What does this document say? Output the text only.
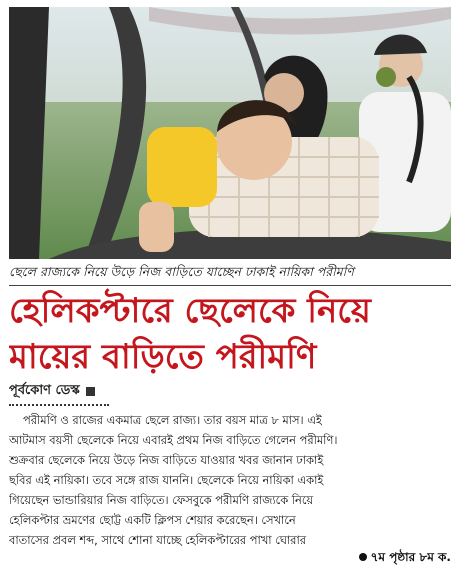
ছেলে রাজ্যকে নিয়ে উড়ে নিজ বাড়িতে যাচ্ছেন ঢাকাই নায়িকা পরীমণি
হেলিকপ্টারে ছেলেকে নিয়ে
মায়ের বাড়িতে পরীমণি
পূর্বকোণ ডেস্ক
পরীমণি ও রাজের একমাত্র ছেলে রাজ্য। তার বয়স মাত্র ৮ মাস। এই
আটমাস বয়সী ছেলেকে নিয়ে এবারই প্রথম নিজ বাড়িতে গেলেন পরীমণি।
শুক্রবার ছেলেকে নিয়ে উড়ে নিজ বাড়িতে যাওয়ার খবর জানান ঢাকাই
ছবির এই নায়িকা। তবে সঙ্গে রাজ যাননি। ছেলেকে নিয়ে নায়িকা একাই
গিয়েছেন ভান্ডারিয়ার নিজ বাড়িতে। ফেসবুকে পরীমণি রাজ্যকে নিয়ে
হেলিকপ্টার ভ্রমণের ছোট্ট একটি ক্লিপস শেয়ার করেছেন। সেখানে
বাতাসের প্রবল শব্দ, সাথে শোনা যাচ্ছে হেলিকপ্টারের পাখা ঘোরার
৭ম পৃষ্ঠার ৮ম ক.
